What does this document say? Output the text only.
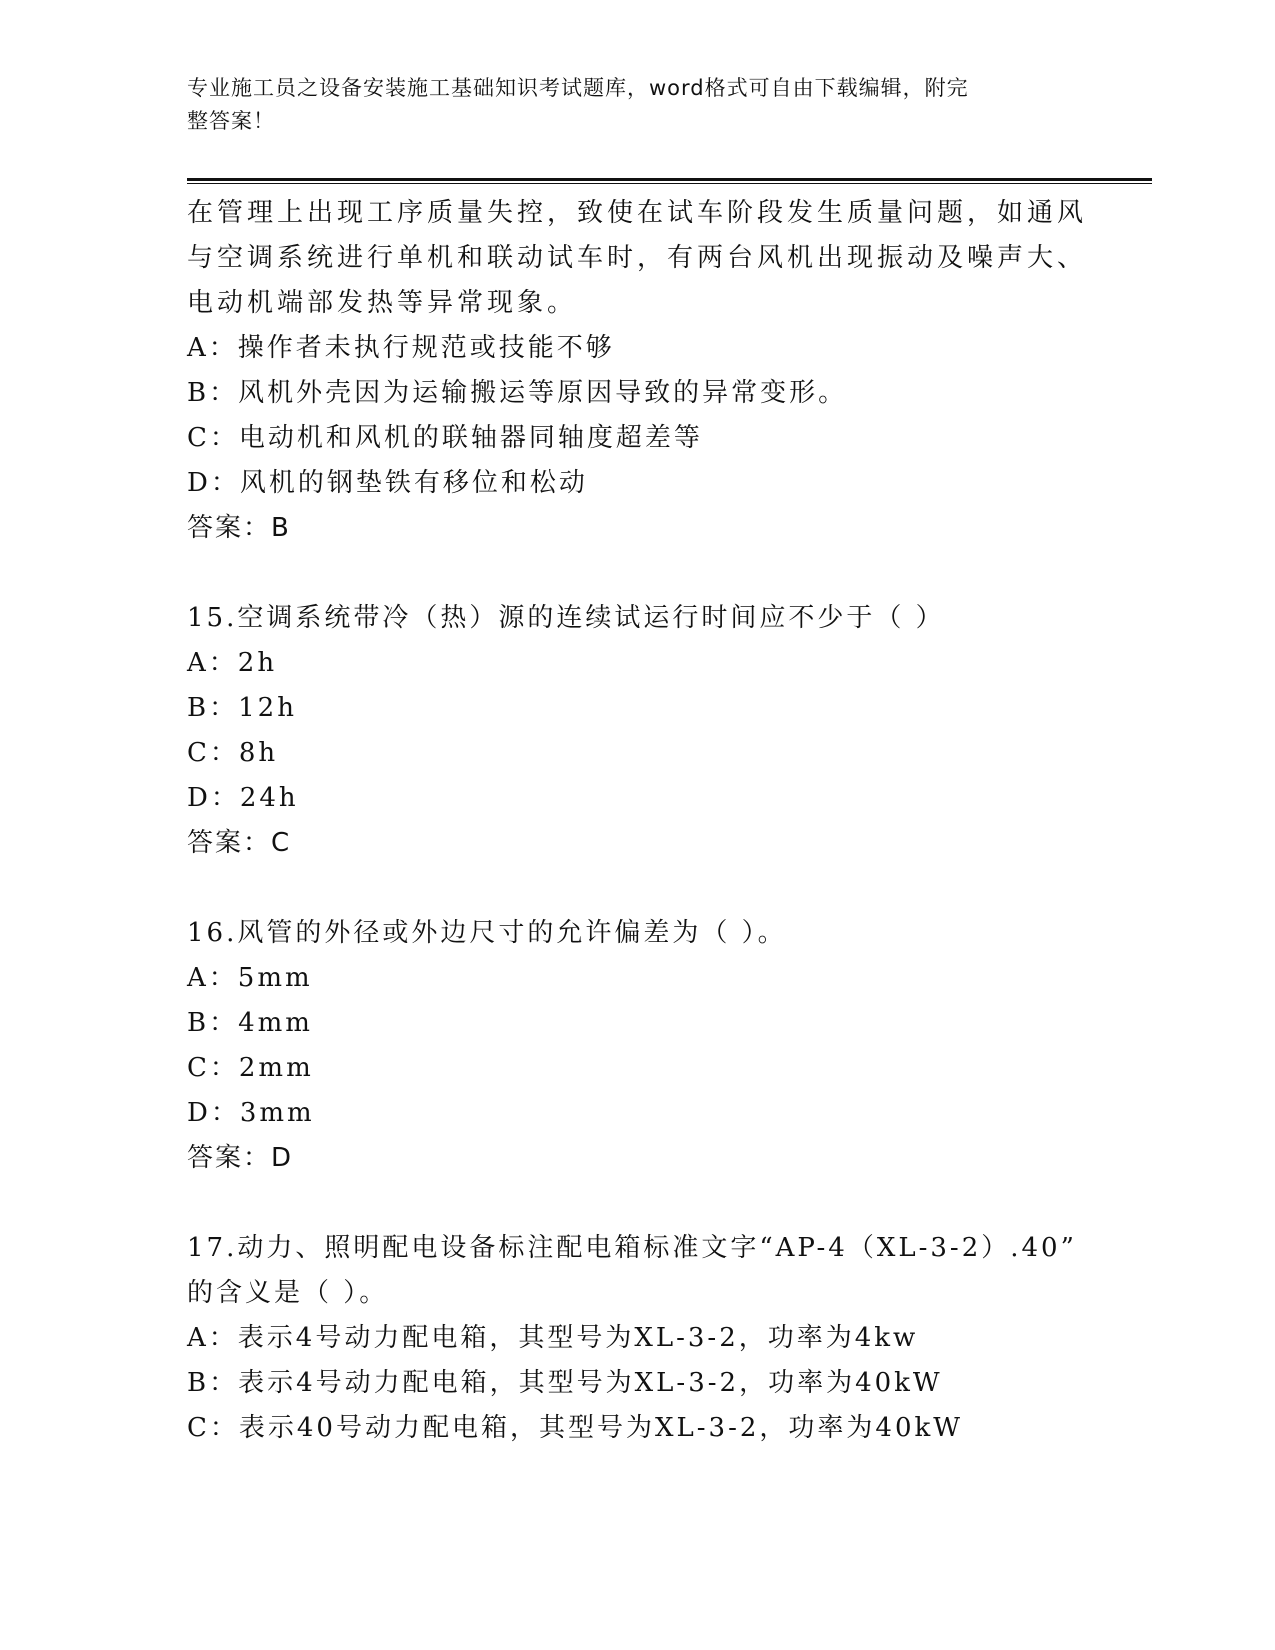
专业施工员之设备安装施工基础知识考试题库，word格式可自由下载编辑，附完
整答案！
在管理上出现工序质量失控，致使在试车阶段发生质量问题，如通风
与空调系统进行单机和联动试车时，有两台风机出现振动及噪声大、
电动机端部发热等异常现象。
A：操作者未执行规范或技能不够
B：风机外壳因为运输搬运等原因导致的异常变形。
C：电动机和风机的联轴器同轴度超差等
D：风机的钢垫铁有移位和松动
答案：B
15.空调系统带冷（热）源的连续试运行时间应不少于（ ）
A：2h
B：12h
C：8h
D：24h
答案：C
16.风管的外径或外边尺寸的允许偏差为（ ）。
A：5mm
B：4mm
C：2mm
D：3mm
答案：D
17.动力、照明配电设备标注配电箱标准文字“AP-4（XL-3-2）.40”
的含义是（ ）。
A：表示4号动力配电箱，其型号为XL-3-2，功率为4kw
B：表示4号动力配电箱，其型号为XL-3-2，功率为40kW
C：表示40号动力配电箱，其型号为XL-3-2，功率为40kW
